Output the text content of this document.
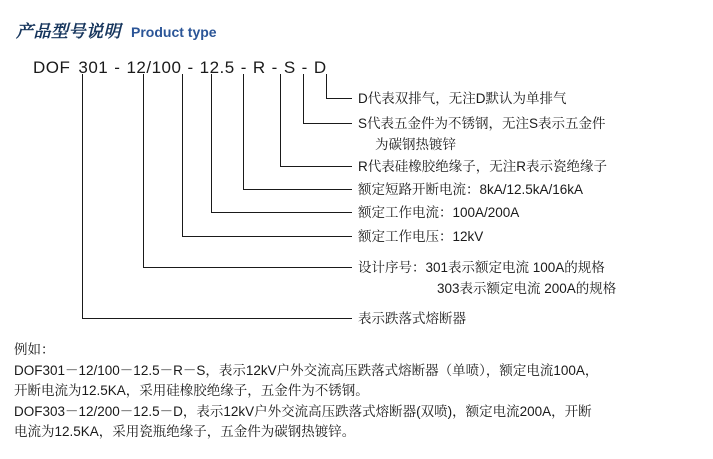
产品型号说明 Product type
DOF 301 - 12/100 - 12.5 - R - S - D
D代表双排气，无注D默认为单排气
S代表五金件为不锈钢，无注S表示五金件
为碳钢热镀锌
R代表硅橡胶绝缘子，无注R表示瓷绝缘子
额定短路开断电流：8kA/12.5kA/16kA
额定工作电流：100A/200A
额定工作电压：12kV
设计序号：301表示额定电流 100A的规格
303表示额定电流 200A的规格
表示跌落式熔断器
例如：
DOF301－12/100－12.5－R－S，表示12kV户外交流高压跌落式熔断器（单喷），额定电流100A，
开断电流为12.5KA，采用硅橡胶绝缘子，五金件为不锈钢。
DOF303－12/200－12.5－D，表示12kV户外交流高压跌落式熔断器(双喷)，额定电流200A，开断
电流为12.5KA，采用瓷瓶绝缘子，五金件为碳钢热镀锌。
